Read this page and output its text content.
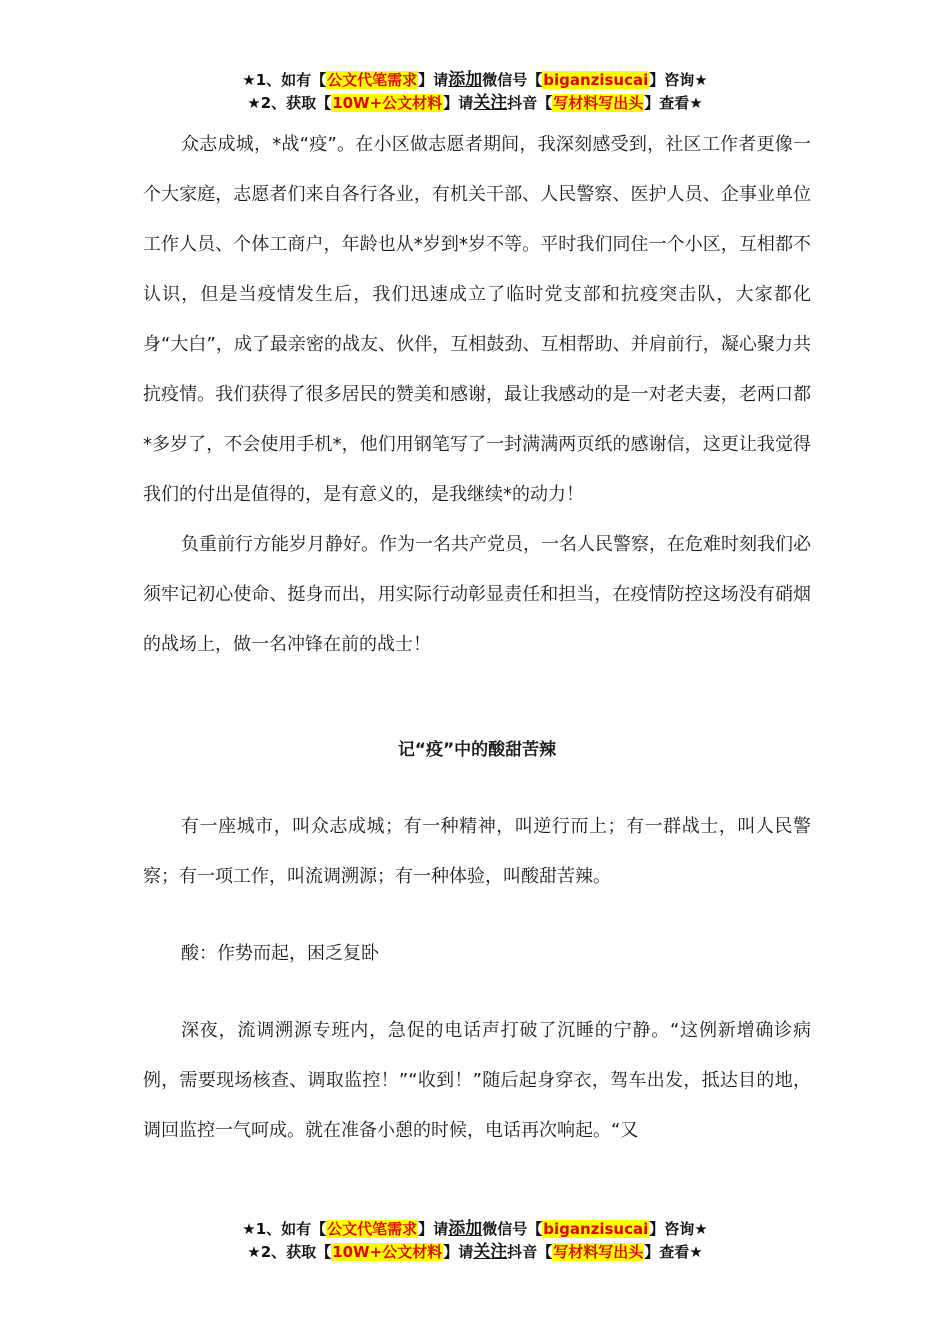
★1、如有【公文代笔需求】请添加微信号【biganzisucai】咨询★
★2、获取【10W+公文材料】请关注抖音【写材料写出头】查看★

众志成城，*战“疫”。在小区做志愿者期间，我深刻感受到，社区工作者更像一个大家庭，志愿者们来自各行各业，有机关干部、人民警察、医护人员、企事业单位工作人员、个体工商户，年龄也从*岁到*岁不等。平时我们同住一个小区，互相都不认识，但是当疫情发生后，我们迅速成立了临时党支部和抗疫突击队，大家都化身“大白”，成了最亲密的战友、伙伴，互相鼓劲、互相帮助、并肩前行，凝心聚力共抗疫情。我们获得了很多居民的赞美和感谢，最让我感动的是一对老夫妻，老两口都*多岁了，不会使用手机*，他们用钢笔写了一封满满两页纸的感谢信，这更让我觉得我们的付出是值得的，是有意义的，是我继续*的动力！

负重前行方能岁月静好。作为一名共产党员，一名人民警察，在危难时刻我们必须牢记初心使命、挺身而出，用实际行动彰显责任和担当，在疫情防控这场没有硝烟的战场上，做一名冲锋在前的战士！

记“疫”中的酸甜苦辣

有一座城市，叫众志成城；有一种精神，叫逆行而上；有一群战士，叫人民警察；有一项工作，叫流调溯源；有一种体验，叫酸甜苦辣。

酸：作势而起，困乏复卧

深夜，流调溯源专班内，急促的电话声打破了沉睡的宁静。“这例新增确诊病例，需要现场核查、调取监控！”“收到！”随后起身穿衣，驾车出发，抵达目的地，调回监控一气呵成。就在准备小憩的时候，电话再次响起。“又

★1、如有【公文代笔需求】请添加微信号【biganzisucai】咨询★
★2、获取【10W+公文材料】请关注抖音【写材料写出头】查看★
